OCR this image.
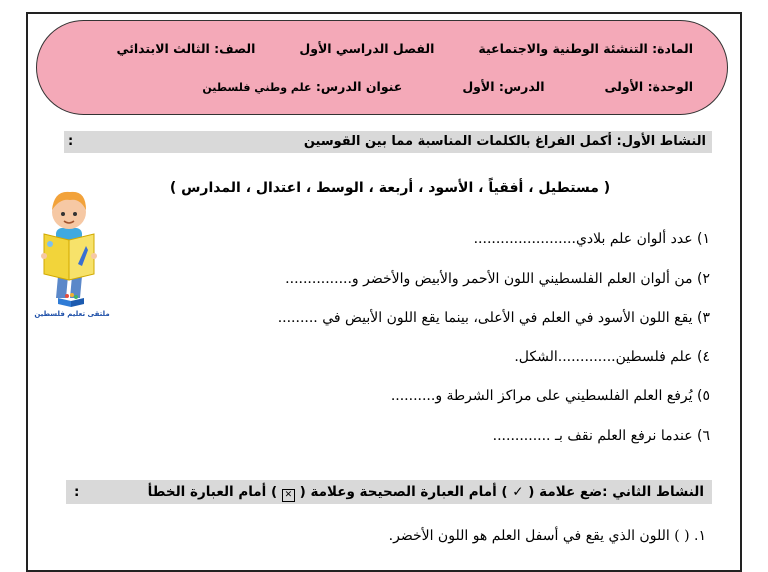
المادة: التنشئة الوطنية والاجتماعية
الفصل الدراسي الأول
الصف: الثالث الابتدائي
الوحدة: الأولى
الدرس: الأول
عنوان الدرس: علم وطني فلسطين
النشاط الأول: أكمل الفراغ بالكلمات المناسبة مما بين القوسين
:
( مستطيل ، أفقياً ، الأسود ، أربعة ، الوسط ، اعتدال ، المدارس )
١) عدد ألوان علم بلادي.......................
٢) من ألوان العلم الفلسطيني اللون الأحمر والأبيض والأخضر و...............
٣) يقع اللون الأسود في العلم في الأعلى، بينما يقع اللون الأبيض في .........
٤) علم فلسطين.............الشكل.
٥) يُرفع العلم الفلسطيني على مراكز الشرطة و..........
٦) عندما نرفع العلم نقف بـ .............
النشاط الثاني :ضع علامة ( ✓ ) أمام العبارة الصحيحة وعلامة ( ✕ ) أمام العبارة الخطأ
:
١. ( ) اللون الذي يقع في أسفل العلم هو اللون الأخضر.
ملتقى تعليم فلسطين
